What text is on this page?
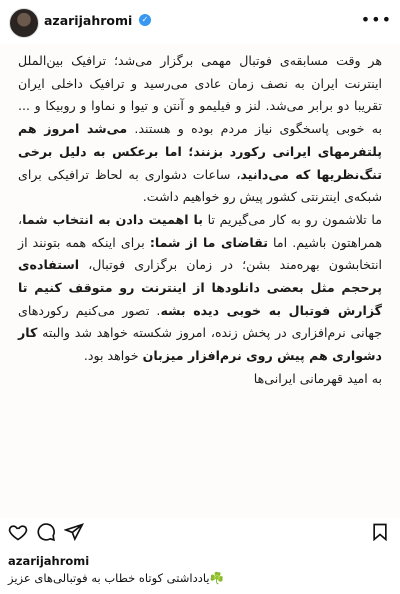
azarijahromi	✓	•••

هر وقت مسابقه‌ی فوتبال مهمی برگزار می‌شد؛ ترافیک بین‌الملل اینترنت ایران به نصف زمان عادی می‌رسید و ترافیک داخلی ایران تقریبا دو برابر می‌شد. لنز و فیلیمو و آنتن و تیوا و نماوا و روبیکا و ... به خوبی پاسخگوی نیاز مردم بوده و هستند. می‌شد امروز هم پلتفرمهای ایرانی رکورد بزنند؛ اما برعکس به دلیل برخی تنگ‌نظریها که می‌دانید، ساعات دشواری به لحاظ ترافیکی برای شبکه‌ی اینترنتی کشور پیش رو خواهیم داشت.

ما تلاشمون رو به کار می‌گیریم تا با اهمیت دادن به انتخاب شما، همراهتون باشیم. اما تقاضای ما از شما: برای اینکه همه بتونند از انتخابشون بهره‌مند بشن؛ در زمان برگزاری فوتبال، استفاده‌ی پرحجم مثل بعضی دانلودها از اینترنت رو متوقف کنیم تا گزارش فوتبال به خوبی دیده بشه. تصور می‌کنیم رکوردهای جهانی نرم‌افزاری در پخش زنده، امروز شکسته خواهد شد والبته کار دشواری هم پیش روی نرم‌افزار میزبان خواهد بود.

به امید قهرمانی ایرانی‌ها

azarijahromi
☘️یادداشتی کوتاه خطاب به فوتبالی‌های عزیز
